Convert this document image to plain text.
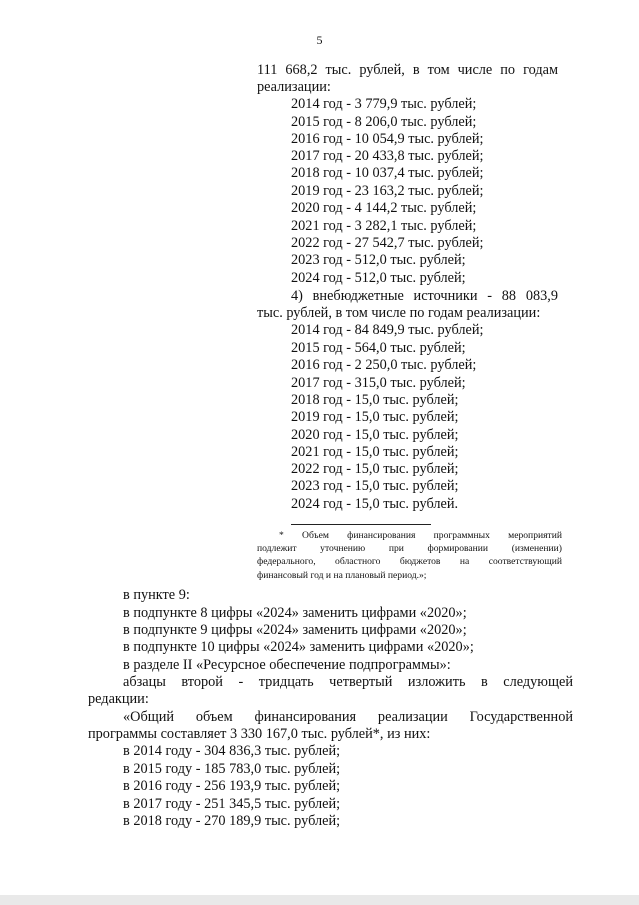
5
111 668,2 тыс. рублей, в том числе по годам
реализации:
2014 год - 3 779,9 тыс. рублей;
2015 год - 8 206,0 тыс. рублей;
2016 год - 10 054,9 тыс. рублей;
2017 год - 20 433,8 тыс. рублей;
2018 год - 10 037,4 тыс. рублей;
2019 год - 23 163,2 тыс. рублей;
2020 год - 4 144,2 тыс. рублей;
2021 год - 3 282,1 тыс. рублей;
2022 год - 27 542,7 тыс. рублей;
2023 год - 512,0 тыс. рублей;
2024 год - 512,0 тыс. рублей;
4) внебюджетные источники - 88 083,9
тыс. рублей, в том числе по годам реализации:
2014 год - 84 849,9 тыс. рублей;
2015 год - 564,0 тыс. рублей;
2016 год - 2 250,0 тыс. рублей;
2017 год - 315,0 тыс. рублей;
2018 год - 15,0 тыс. рублей;
2019 год - 15,0 тыс. рублей;
2020 год - 15,0 тыс. рублей;
2021 год - 15,0 тыс. рублей;
2022 год - 15,0 тыс. рублей;
2023 год - 15,0 тыс. рублей;
2024 год - 15,0 тыс. рублей.
* Объем финансирования программных мероприятий
подлежит уточнению при формировании (изменении)
федерального, областного бюджетов на соответствующий
финансовый год и на плановый период.»;
в пункте 9:
в подпункте 8 цифры «2024» заменить цифрами «2020»;
в подпункте 9 цифры «2024» заменить цифрами «2020»;
в подпункте 10 цифры «2024» заменить цифрами «2020»;
в разделе II «Ресурсное обеспечение подпрограммы»:
абзацы второй - тридцать четвертый изложить в следующей
редакции:
«Общий объем финансирования реализации Государственной
программы составляет 3 330 167,0 тыс. рублей*, из них:
в 2014 году - 304 836,3 тыс. рублей;
в 2015 году - 185 783,0 тыс. рублей;
в 2016 году - 256 193,9 тыс. рублей;
в 2017 году - 251 345,5 тыс. рублей;
в 2018 году - 270 189,9 тыс. рублей;
